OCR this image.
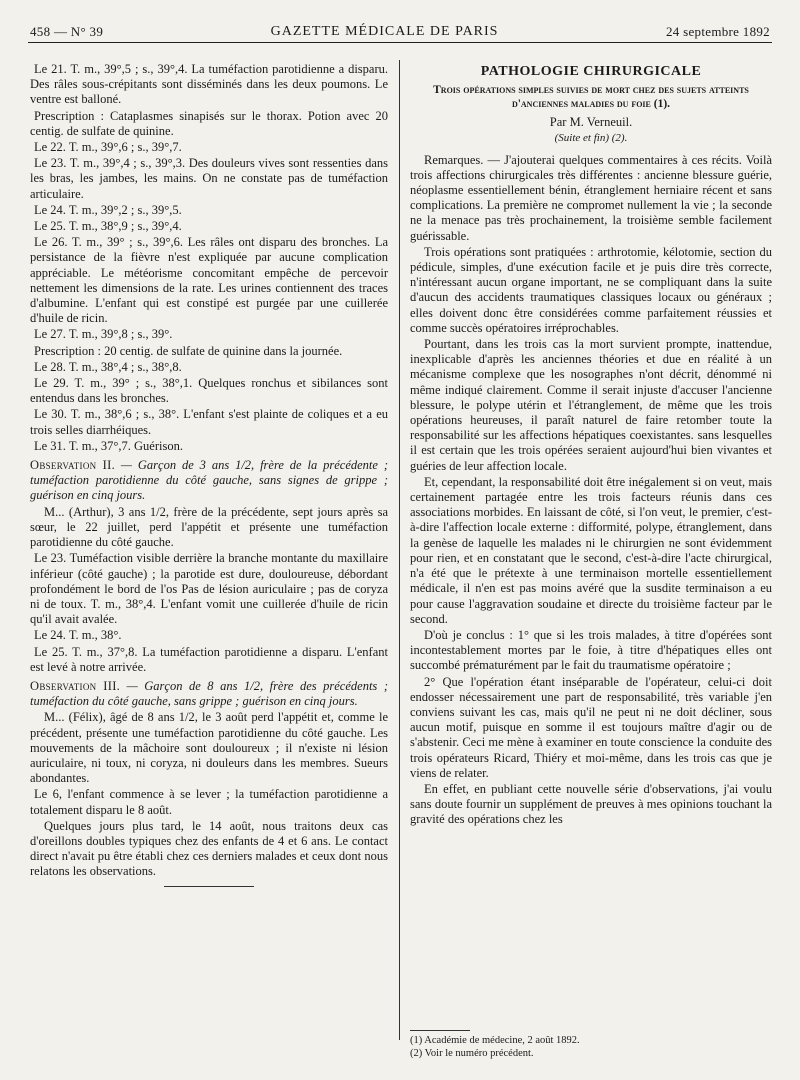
458 — N° 39	GAZETTE MÉDICALE DE PARIS	24 septembre 1892

Le 21. T. m., 39°,5 ; s., 39°,4. La tuméfaction parotidienne a disparu. Des râles sous-crépitants sont disséminés dans les deux poumons. Le ventre est balloné.

Prescription : Cataplasmes sinapisés sur le thorax. Potion avec 20 centig. de sulfate de quinine.

Le 22. T. m., 39°,6 ; s., 39°,7.

Le 23. T. m., 39°,4 ; s., 39°,3. Des douleurs vives sont ressenties dans les bras, les jambes, les mains. On ne constate pas de tuméfaction articulaire.

Le 24. T. m., 39°,2 ; s., 39°,5.

Le 25. T. m., 38°,9 ; s., 39°,4.

Le 26. T. m., 39° ; s., 39°,6. Les râles ont disparu des bronches. La persistance de la fièvre n'est expliquée par aucune complication appréciable. Le météorisme concomitant empêche de percevoir nettement les dimensions de la rate. Les urines contiennent des traces d'albumine. L'enfant qui est constipé est purgée par une cuillerée d'huile de ricin.

Le 27. T. m., 39°,8 ; s., 39°.

Prescription : 20 centig. de sulfate de quinine dans la journée.

Le 28. T. m., 38°,4 ; s., 38°,8.

Le 29. T. m., 39° ; s., 38°,1. Quelques ronchus et sibilances sont entendus dans les bronches.

Le 30. T. m., 38°,6 ; s., 38°. L'enfant s'est plainte de coliques et a eu trois selles diarrhéiques.

Le 31. T. m., 37°,7. Guérison.

Observation II. — Garçon de 3 ans 1/2, frère de la précédente ; tuméfaction parotidienne du côté gauche, sans signes de grippe ; guérison en cinq jours.

M... (Arthur), 3 ans 1/2, frère de la précédente, sept jours après sa sœur, le 22 juillet, perd l'appétit et présente une tuméfaction parotidienne du côté gauche.

Le 23. Tuméfaction visible derrière la branche montante du maxillaire inférieur (côté gauche) ; la parotide est dure, douloureuse, débordant profondément le bord de l'os Pas de lésion auriculaire ; pas de coryza ni de toux. T. m., 38°,4. L'enfant vomit une cuillerée d'huile de ricin qu'il avait avalée.

Le 24. T. m., 38°.

Le 25. T. m., 37°,8. La tuméfaction parotidienne a disparu. L'enfant est levé à notre arrivée.

Observation III. — Garçon de 8 ans 1/2, frère des précédents ; tuméfaction du côté gauche, sans grippe ; guérison en cinq jours.

M... (Félix), âgé de 8 ans 1/2, le 3 août perd l'appétit et, comme le précédent, présente une tuméfaction parotidienne du côté gauche. Les mouvements de la mâchoire sont douloureux ; il n'existe ni lésion auriculaire, ni toux, ni coryza, ni douleurs dans les membres. Sueurs abondantes.

Le 6, l'enfant commence à se lever ; la tuméfaction parotidienne a totalement disparu le 8 août.

Quelques jours plus tard, le 14 août, nous traitons deux cas d'oreillons doubles typiques chez des enfants de 4 et 6 ans. Le contact direct n'avait pu être établi chez ces derniers malades et ceux dont nous relatons les observations.

PATHOLOGIE CHIRURGICALE
Trois opérations simples suivies de mort chez des sujets atteints d'anciennes maladies du foie (1).
Par M. Verneuil.
(Suite et fin) (2).

Remarques. — J'ajouterai quelques commentaires à ces récits. Voilà trois affections chirurgicales très différentes : ancienne blessure guérie, néoplasme essentiellement bénin, étranglement herniaire récent et sans complications. La première ne compromet nullement la vie ; la seconde ne la menace pas très prochainement, la troisième semble facilement guérissable.

Trois opérations sont pratiquées : arthrotomie, kélotomie, section du pédicule, simples, d'une exécution facile et je puis dire très correcte, n'intéressant aucun organe important, ne se compliquant dans la suite d'aucun des accidents traumatiques classiques locaux ou généraux ; elles doivent donc être considérées comme parfaitement réussies et comme succès opératoires irréprochables.

Pourtant, dans les trois cas la mort survient prompte, inattendue, inexplicable d'après les anciennes théories et due en réalité à un mécanisme complexe que les nosographes n'ont décrit, dénommé ni même indiqué clairement. Comme il serait injuste d'accuser l'ancienne blessure, le polype utérin et l'étranglement, de même que les trois opérations heureuses, il paraît naturel de faire retomber toute la responsabilité sur les affections hépatiques coexistantes. sans lesquelles il est certain que les trois opérées seraient aujourd'hui bien vivantes et guéries de leur affection locale.

Et, cependant, la responsabilité doit être inégalement si on veut, mais certainement partagée entre les trois facteurs réunis dans ces associations morbides. En laissant de côté, si l'on veut, le premier, c'est-à-dire l'affection locale externe : difformité, polype, étranglement, dans la genèse de laquelle les malades ni le chirurgien ne sont évidemment pour rien, et en constatant que le second, c'est-à-dire l'acte chirurgical, n'a été que le prétexte à une terminaison mortelle essentiellement médicale, il n'en est pas moins avéré que la susdite terminaison a eu pour cause l'aggravation soudaine et directe du troisième facteur par le second.

D'où je conclus : 1° que si les trois malades, à titre d'opérées sont incontestablement mortes par le foie, à titre d'hépatiques elles ont succombé prématurément par le fait du traumatisme opératoire ;

2° Que l'opération étant inséparable de l'opérateur, celui-ci doit endosser nécessairement une part de responsabilité, très variable j'en conviens suivant les cas, mais qu'il ne peut ni ne doit décliner, sous aucun motif, puisque en somme il est toujours maître d'agir ou de s'abstenir. Ceci me mène à examiner en toute conscience la conduite des trois opérateurs Ricard, Thiéry et moi-même, dans les trois cas que je viens de relater.

En effet, en publiant cette nouvelle série d'observations, j'ai voulu sans doute fournir un supplément de preuves à mes opinions touchant la gravité des opérations chez les

(1) Académie de médecine, 2 août 1892.
(2) Voir le numéro précédent.
